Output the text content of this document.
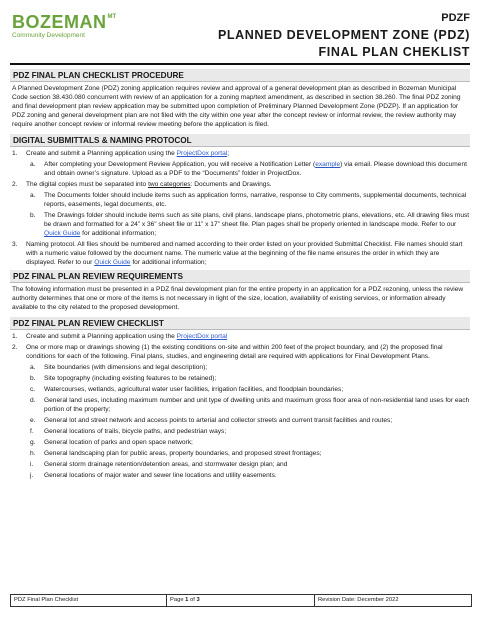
$BOZEMAN^{MT}$
Community Development
PDZF
PLANNED DEVELOPMENT ZONE (PDZ)
FINAL PLAN CHEKLIST
PDZ FINAL PLAN CHECKLIST PROCEDURE

A Planned Development Zone (PDZ) zoning application requires review and approval of a general development plan as described in Bozeman Municipal Code section 38.430.080 concurrent with review of an application for a zoning map/text amendment, as described in section 38.260. The final PDZ zoning and final development plan review application may be submitted upon completion of Preliminary Planned Development Zone (PDZP). If an application for PDZ zoning and general development plan are not filed with the city within one year after the concept review or informal review, the review authority may require another concept review or informal review meeting before the application is filed.

DIGITAL SUBMITTALS & NAMING PROTOCOL
1.	Create and submit a Planning application using the ProjectDox portal;
a.	After completing your Development Review Application, you will receive a Notification Letter (example) via email. Please download this document and obtain owner’s signature. Upload as a PDF to the “Documents” folder in ProjectDox.
2.	The digital copies must be separated into two categories: Documents and Drawings.
a.	The Documents folder should include items such as application forms, narrative, response to City comments, supplemental documents, technical reports, easements, legal documents, etc.
b.	The Drawings folder should include items such as site plans, civil plans, landscape plans, photometric plans, elevations, etc. All drawing files must be drawn and formatted for a 24” x 36” sheet file or 11” x 17” sheet file. Plan pages shall be properly oriented in landscape mode. Refer to our Quick Guide for additional information;
3.	Naming protocol. All files should be numbered and named according to their order listed on your provided Submittal Checklist. File names should start with a numeric value followed by the document name. The numeric value at the beginning of the file name ensures the order in which they are displayed. Refer to our Quick Guide for additional information;
PDZ FINAL PLAN REVIEW REQUIREMENTS

The following information must be presented in a PDZ final development plan for the entire property in an application for a PDZ rezoning, unless the review authority determines that one or more of the items is not necessary in light of the size, location, availability of existing services, or information already available to the city related to the proposed development.

PDZ FINAL PLAN REVIEW CHECKLIST
1.	Create and submit a Planning application using the ProjectDox portal
2.	One or more map or drawings showing (1) the existing conditions on-site and within 200 feet of the project boundary, and (2) the proposed final conditions for each of the following. Final plans, studies, and engineering detail are required with applications for Final Development Plans.
a.	Site boundaries (with dimensions and legal description);
b.	Site topography (including existing features to be retained);
c.	Watercourses, wetlands, agricultural water user facilities, irrigation facilities, and floodplain boundaries;
d.	General land uses, including maximum number and unit type of dwelling units and maximum gross floor area of non-residential land uses for each portion of the property;
e.	General lot and street network and access points to arterial and collector streets and current transit facilities and routes;
f.	General locations of trails, bicycle paths, and pedestrian ways;
g.	General location of parks and open space network;
h.	General landscaping plan for public areas, property boundaries, and proposed street frontages;
i.	General storm drainage retention/detention areas, and stormwater design plan; and
j.	General locations of major water and sewer line locations and utility easements.
PDZ Final Plan Checklist	Page 1 of 3	Revision Date: December 2022
